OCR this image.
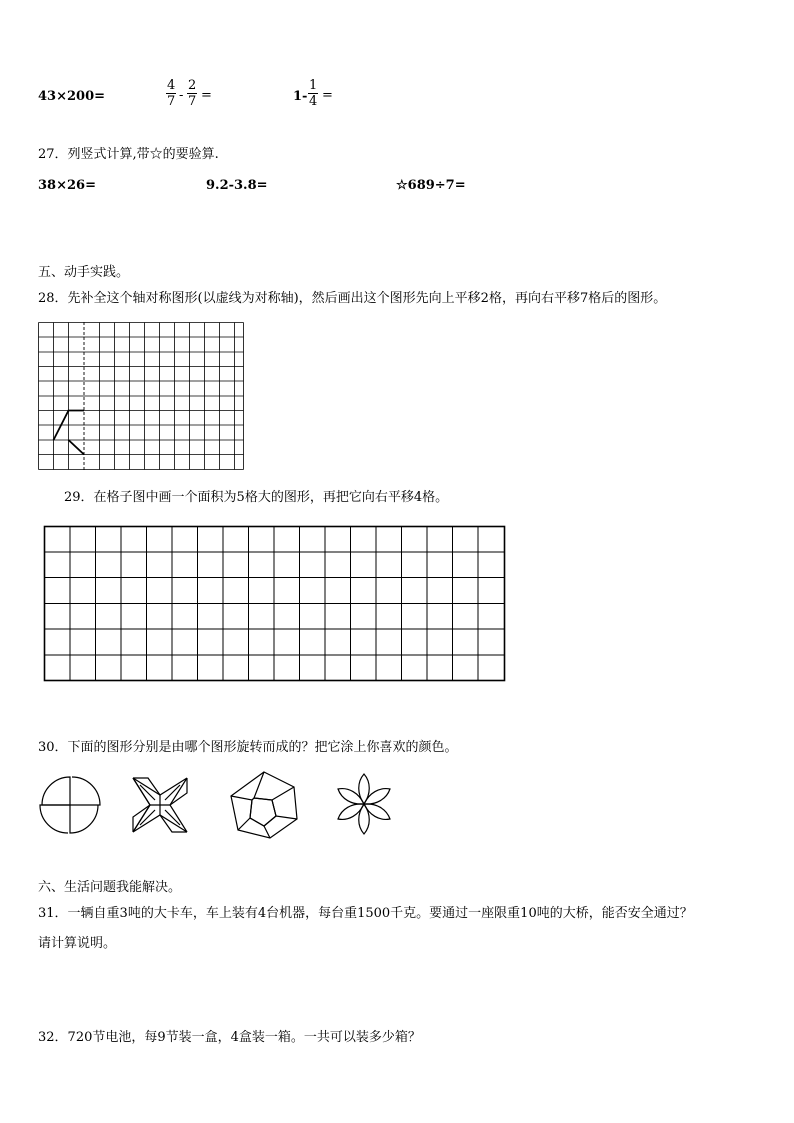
43×200=	$\frac{4}{7} - \frac{2}{7}$ =	$1- \frac{1}{4}$ =
27．列竖式计算,带☆的要验算.
38×26=	9.2-3.8=	☆689÷7=
五、动手实践。
28．先补全这个轴对称图形(以虚线为对称轴)，然后画出这个图形先向上平移2格，再向右平移7格后的图形。
29．在格子图中画一个面积为5格大的图形，再把它向右平移4格。
30．下面的图形分别是由哪个图形旋转而成的？把它涂上你喜欢的颜色。
六、生活问题我能解决。
31．一辆自重3吨的大卡车，车上装有4台机器，每台重1500千克。要通过一座限重10吨的大桥，能否安全通过？
请计算说明。
32．720节电池，每9节装一盒，4盒装一箱。一共可以装多少箱？
